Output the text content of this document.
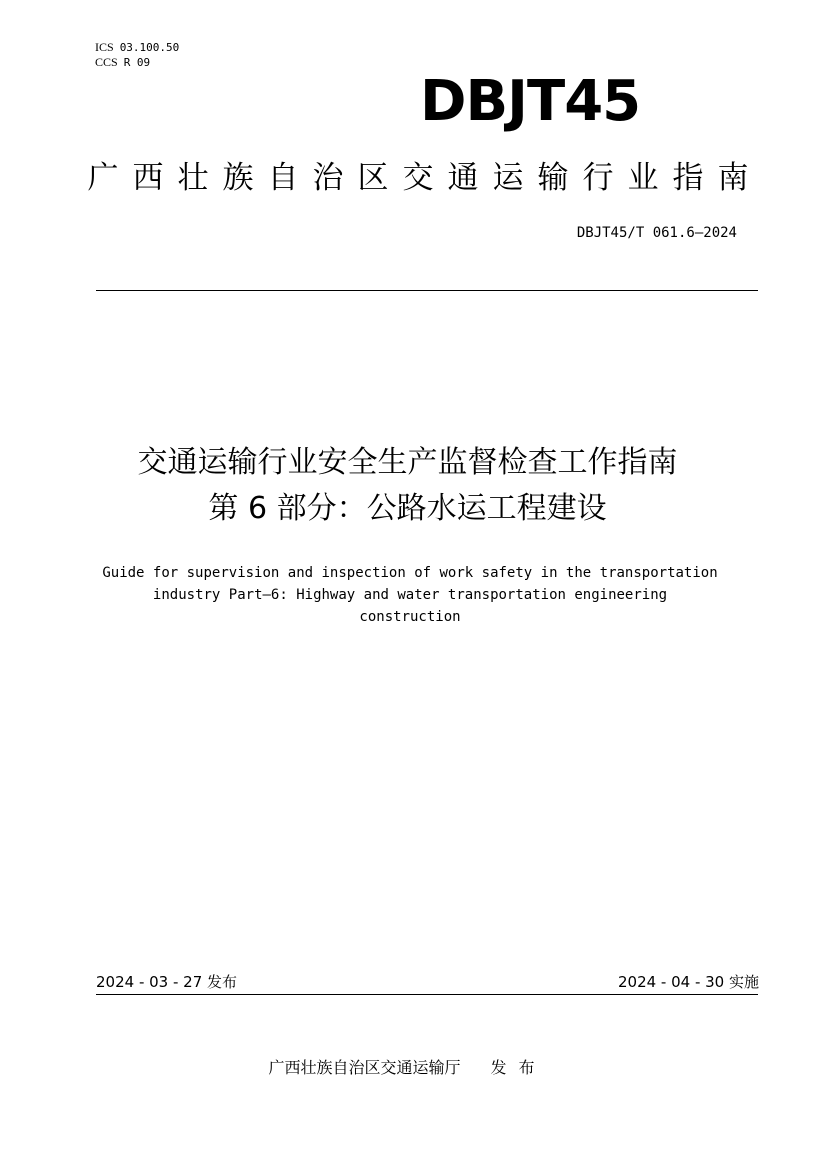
ICS 03.100.50
CCS R 09
DBJT45
广西壮族自治区交通运输行业指南
DBJT45/T 061.6—2024
交通运输行业安全生产监督检查工作指南
第 6 部分：公路水运工程建设
Guide for supervision and inspection of work safety in the transportation
industry Part—6: Highway and water transportation engineering
construction
2024 - 03 - 27 发布	2024 - 04 - 30 实施
广西壮族自治区交通运输厅 发布
